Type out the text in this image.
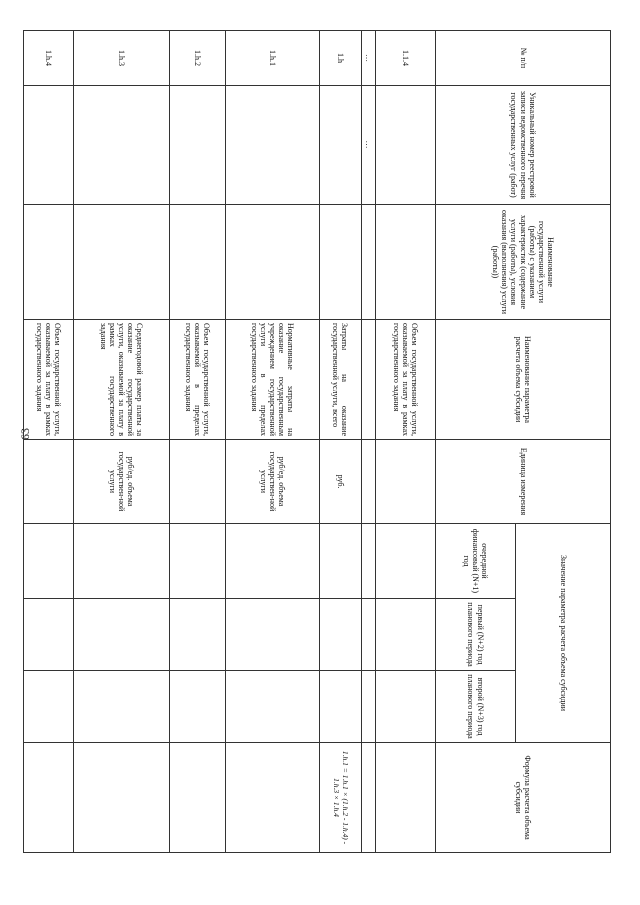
63
№ п/п	Уникальный номер реестровой записи ведомственного перечня государственных услуг (работ)	Наименование государственной услуги (работы) с указанием характеристик (содержание услуги (работы), условия оказания (выполнения) услуги (работы))	Наименование параметра расчета объема субсидии	Единица измерения	Значение параметра расчета объема субсидии			Формула расчета объема субсидии
					очередной финансовый (N+1) год	первый (N+2) год планового периода	второй (N+3) год планового периода	
1.1.4			Объем государственной услуги, оказываемой за плату в рамках государственного задания					
…	…							
1.h			Затраты на оказание государственной услуги, всего	руб.				1.h.1 = 1.h.1 × (1.h.2 - 1.h.4) - 1.h.3 × 1.h.4
1.h.1			Нормативные затраты на оказание государственным учреждением государственной услуги в пределах государственного задания	руб/ед. объема государствен-ной услуги				
1.h.2			Объем государственной услуги, оказываемой в пределах государственного задания					
1.h.3			Среднегодовой размер платы за оказание государственной услуги, оказываемой за плату в рамках государственного задания	руб/ед. объема государствен-ной услуги				
1.h.4			Объем государственной услуги, оказываемой за плату в рамках государственного задания					
